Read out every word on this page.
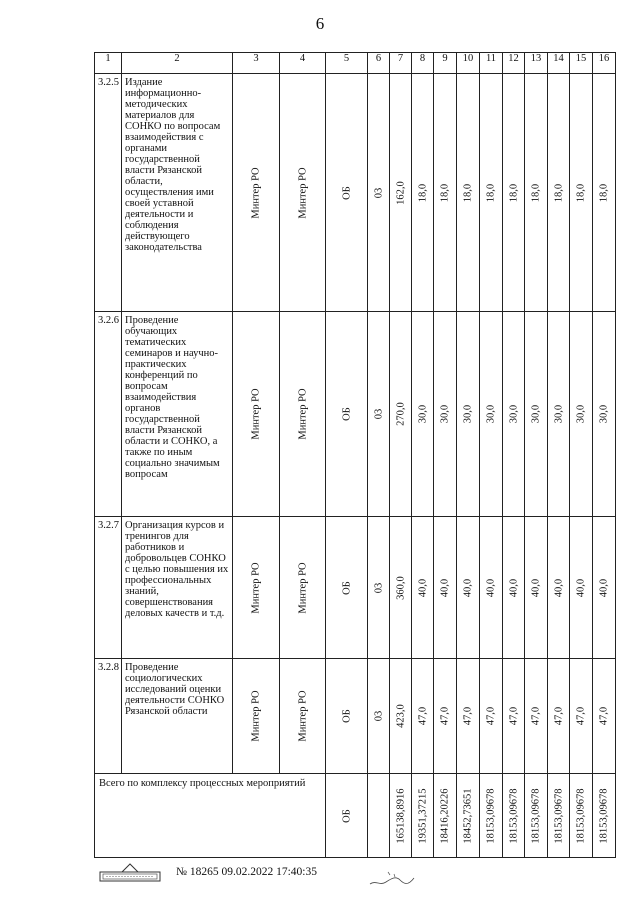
6
1	2	3	4	5	6	7	8	9	10	11	12	13	14	15	16
3.2.5	Издание информационно-методических материалов для СОНКО по вопросам взаимодействия с органами государственной власти Рязанской области, осуществления ими своей уставной деятельности и соблюдения действующего законодательства	Минтер РО	Минтер РО	ОБ	03	162,0	18,0	18,0	18,0	18,0	18,0	18,0	18,0	18,0	18,0

3.2.6	Проведение обучающих тематических семинаров и научно-практических конференций по вопросам взаимодействия органов государственной власти Рязанской области и СОНКО, а также по иным социально значимым вопросам	Минтер РО	Минтер РО	ОБ	03	270,0	30,0	30,0	30,0	30,0	30,0	30,0	30,0	30,0	30,0

3.2.7	Организация курсов и тренингов для работников и добровольцев СОНКО с целью повышения их профессиональных знаний, совершенствования деловых качеств и т.д.	Минтер РО	Минтер РО	ОБ	03	360,0	40,0	40,0	40,0	40,0	40,0	40,0	40,0	40,0	40,0

3.2.8	Проведение социологических исследований оценки деятельности СОНКО Рязанской области	Минтер РО	Минтер РО	ОБ	03	423,0	47,0	47,0	47,0	47,0	47,0	47,0	47,0	47,0	47,0

Всего по комплексу процессных мероприятий				ОБ		165138,8916	19351,37215	18416,20226	18452,73651	18153,09678	18153,09678	18153,09678	18153,09678	18153,09678	18153,09678
№ 18265 09.02.2022 17:40:35
